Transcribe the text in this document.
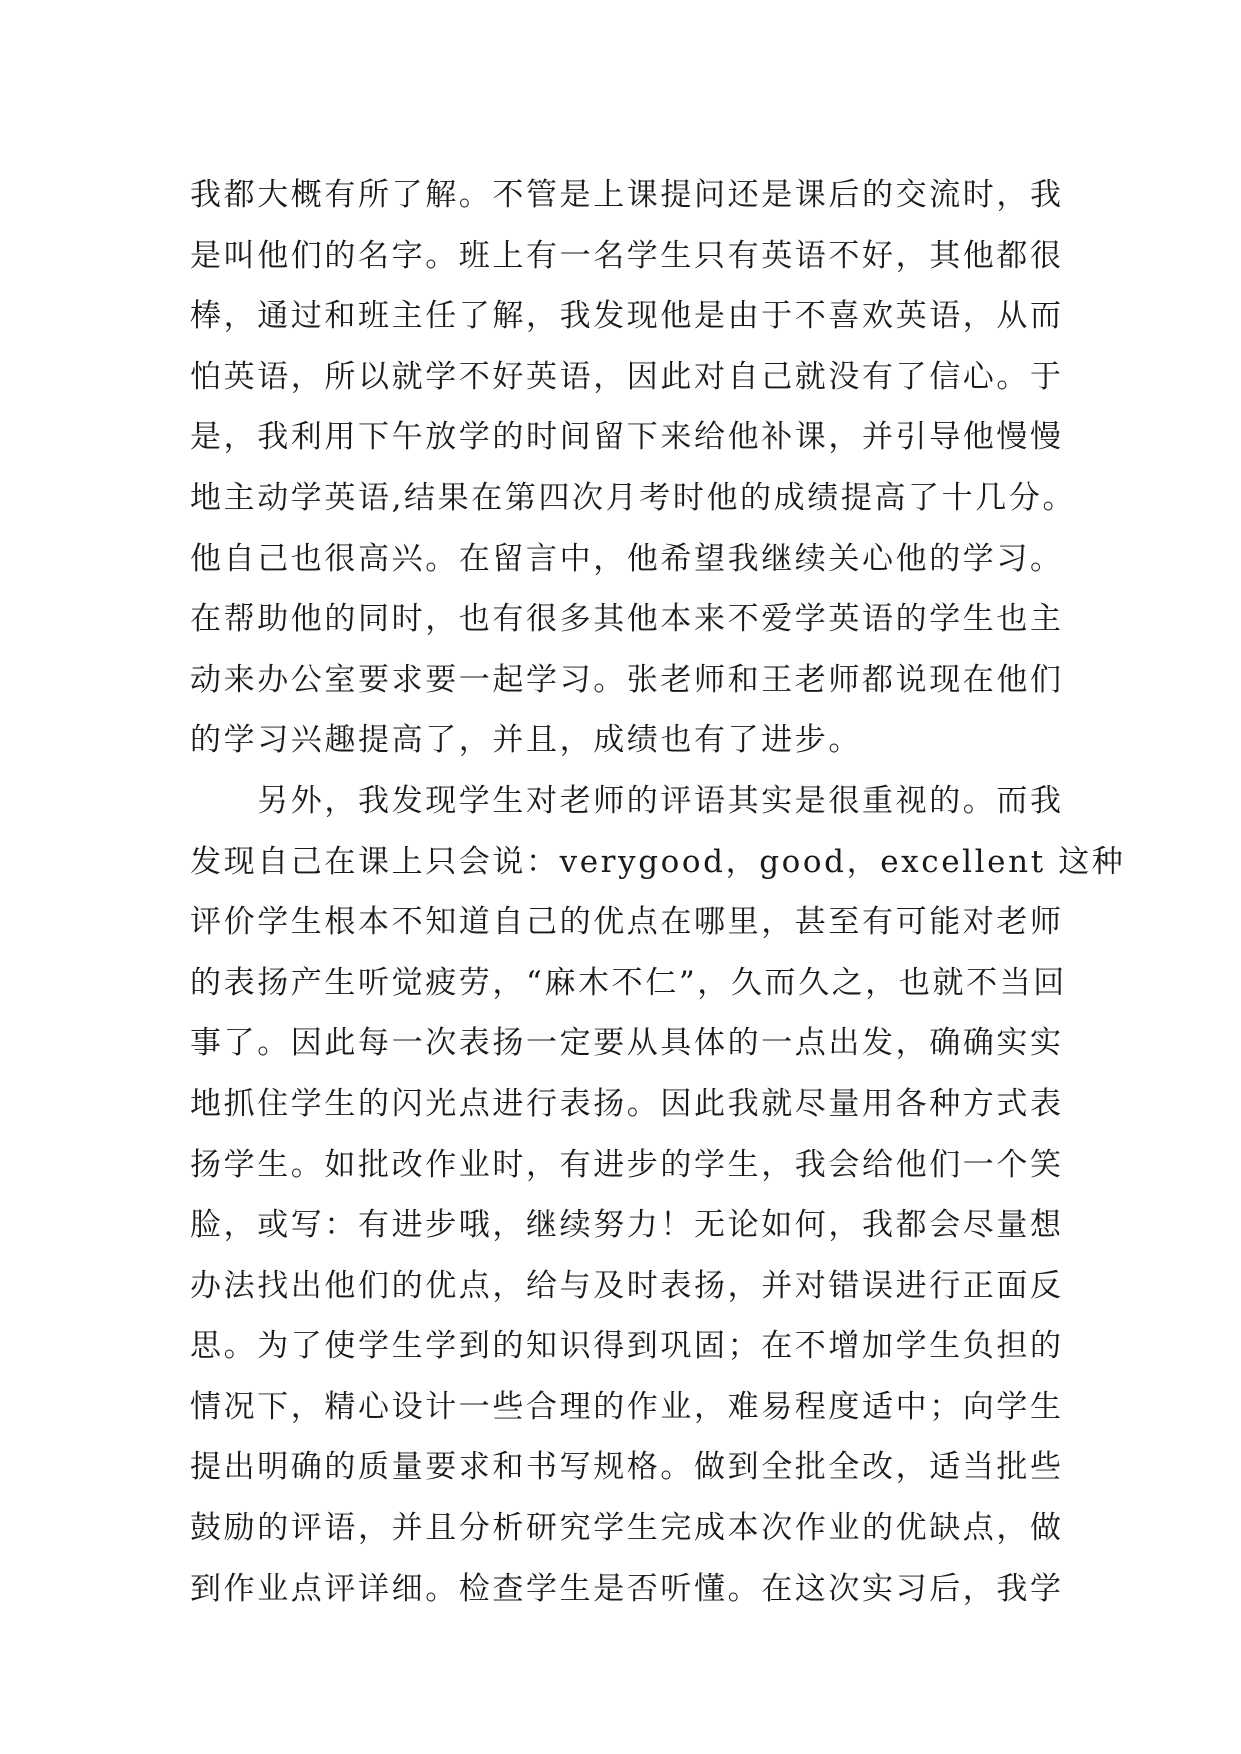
我都大概有所了解。不管是上课提问还是课后的交流时，我
是叫他们的名字。班上有一名学生只有英语不好，其他都很
棒，通过和班主任了解，我发现他是由于不喜欢英语，从而
怕英语，所以就学不好英语，因此对自己就没有了信心。于
是，我利用下午放学的时间留下来给他补课，并引导他慢慢
地主动学英语,结果在第四次月考时他的成绩提高了十几分。
他自己也很高兴。在留言中，他希望我继续关心他的学习。
在帮助他的同时，也有很多其他本来不爱学英语的学生也主
动来办公室要求要一起学习。张老师和王老师都说现在他们
的学习兴趣提高了，并且，成绩也有了进步。
　　另外，我发现学生对老师的评语其实是很重视的。而我
发现自己在课上只会说：verygood，good，excellent 这种
评价学生根本不知道自己的优点在哪里，甚至有可能对老师
的表扬产生听觉疲劳，“麻木不仁”，久而久之，也就不当回
事了。因此每一次表扬一定要从具体的一点出发，确确实实
地抓住学生的闪光点进行表扬。因此我就尽量用各种方式表
扬学生。如批改作业时，有进步的学生，我会给他们一个笑
脸，或写：有进步哦，继续努力！无论如何，我都会尽量想
办法找出他们的优点，给与及时表扬，并对错误进行正面反
思。为了使学生学到的知识得到巩固；在不增加学生负担的
情况下，精心设计一些合理的作业，难易程度适中；向学生
提出明确的质量要求和书写规格。做到全批全改，适当批些
鼓励的评语，并且分析研究学生完成本次作业的优缺点，做
到作业点评详细。检查学生是否听懂。在这次实习后，我学
